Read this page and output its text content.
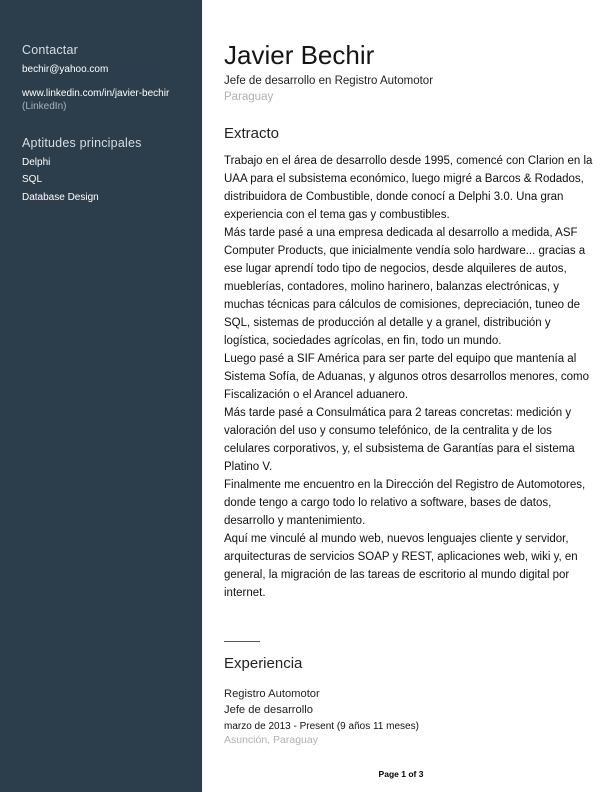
Contactar
bechir@yahoo.com
www.linkedin.com/in/javier-bechir
(LinkedIn)
Aptitudes principales
Delphi
SQL
Database Design
Javier Bechir
Jefe de desarrollo en Registro Automotor
Paraguay
Extracto

Trabajo en el área de desarrollo desde 1995, comencé con Clarion en la UAA para el subsistema económico, luego migré a Barcos & Rodados, distribuidora de Combustible, donde conocí a Delphi 3.0. Una gran experiencia con el tema gas y combustibles.

Más tarde pasé a una empresa dedicada al desarrollo a medida, ASF Computer Products, que inicialmente vendía solo hardware... gracias a ese lugar aprendí todo tipo de negocios, desde alquileres de autos, mueblerías, contadores, molino harinero, balanzas electrónicas, y muchas técnicas para cálculos de comisiones, depreciación, tuneo de SQL, sistemas de producción al detalle y a granel, distribución y logística, sociedades agrícolas, en fin, todo un mundo.

Luego pasé a SIF América para ser parte del equipo que mantenía al Sistema Sofía, de Aduanas, y algunos otros desarrollos menores, como Fiscalización o el Arancel aduanero.

Más tarde pasé a Consulmática para 2 tareas concretas: medición y valoración del uso y consumo telefónico, de la centralita y de los celulares corporativos, y, el subsistema de Garantías para el sistema Platino V.

Finalmente me encuentro en la Dirección del Registro de Automotores, donde tengo a cargo todo lo relativo a software, bases de datos, desarrollo y mantenimiento.

Aquí me vinculé al mundo web, nuevos lenguajes cliente y servidor, arquitecturas de servicios SOAP y REST, aplicaciones web, wiki y, en general, la migración de las tareas de escritorio al mundo digital por internet.

Experiencia
Registro Automotor
Jefe de desarrollo
marzo de 2013 - Present (9 años 11 meses)
Asunción, Paraguay
Page 1 of 3
